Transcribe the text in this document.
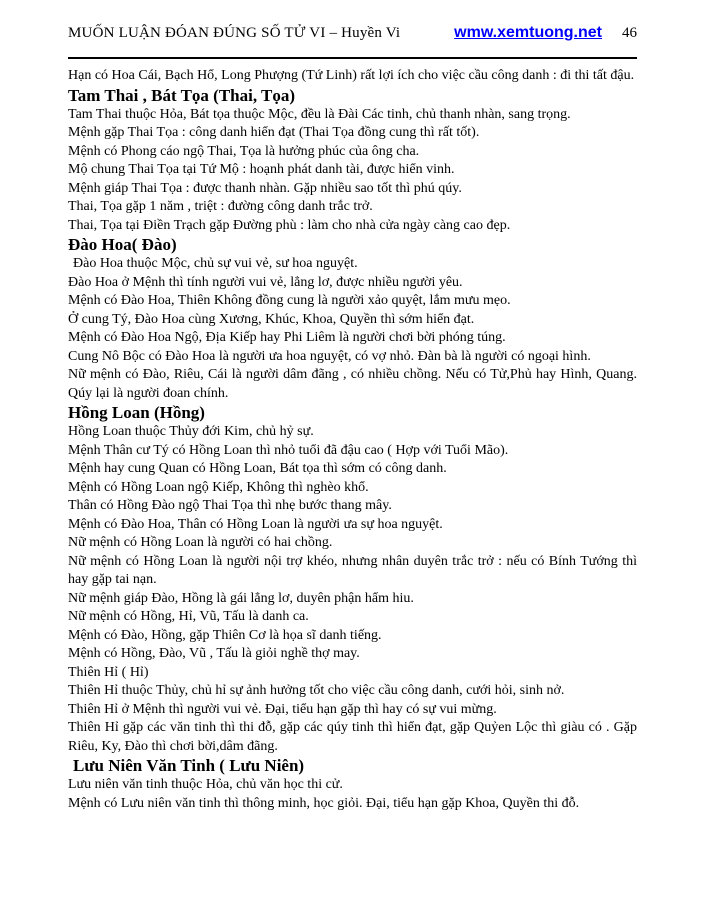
MUỐN LUẬN ĐÓAN ĐÚNG SỐ TỬ VI – Huyền Vi	wmw.xemtuong.net 46

Hạn có Hoa Cái, Bạch Hổ, Long Phượng (Tứ Linh) rất lợi ích cho việc cầu công danh : đi thi tất đậu.

Tam Thai , Bát Tọa (Thai, Tọa)

Tam Thai thuộc Hỏa, Bát tọa thuộc Mộc, đều là Đài Các tinh, chủ thanh nhàn, sang trọng.

Mệnh gặp Thai Tọa : công danh hiển đạt (Thai Tọa đồng cung thì rất tốt).

Mệnh có Phong cáo ngộ Thai, Tọa là hưởng phúc của ông cha.

Mộ chung Thai Tọa tại Tứ Mộ : hoạnh phát danh tài, được hiển vinh.

Mệnh giáp Thai Tọa : được thanh nhàn. Gặp nhiều sao tốt thì phú qúy.

Thai, Tọa gặp 1 năm , triệt : đường công danh trắc trở.

Thai, Tọa tại Điền Trạch gặp Đường phù : làm cho nhà cửa ngày càng cao đẹp.

Đào Hoa( Đào)

Đào Hoa thuộc Mộc, chủ sự vui vẻ, sư hoa nguyệt.

Đào Hoa ở Mệnh thì tính người vui vẻ, lẳng lơ, được nhiều người yêu.

Mệnh có Đào Hoa, Thiên Không đồng cung là người xảo quyệt, lắm mưu mẹo.

Ở cung Tý, Đào Hoa cùng Xương, Khúc, Khoa, Quyền thì sớm hiển đạt.

Mệnh có Đào Hoa Ngộ, Địa Kiếp hay Phi Liêm là người chơi bời phóng túng.

Cung Nô Bộc có Đào Hoa là người ưa hoa nguyệt, có vợ nhỏ. Đàn bà là người có ngoại hình.

Nữ mệnh có Đào, Riêu, Cái là người dâm đãng , có nhiều chồng. Nếu có Tử,Phủ hay Hình, Quang. Qúy lại là người đoan chính.

Hồng Loan (Hồng)

Hồng Loan thuộc Thủy đới Kim, chủ hỷ sự.

Mệnh Thân cư Tý có Hồng Loan thì nhỏ tuổi đã đậu cao ( Hợp với Tuổi Mão).

Mệnh hay cung Quan có Hồng Loan, Bát tọa thì sớm có công danh.

Mệnh có Hồng Loan ngộ Kiếp, Không thì nghèo khổ.

Thân có Hồng Đào ngộ Thai Tọa thì nhẹ bước thang mây.

Mệnh có Đào Hoa, Thân có Hồng Loan là người ưa sự hoa nguyệt.

Nữ mệnh có Hồng Loan là người có hai chồng.

Nữ mệnh có Hồng Loan là người nội trợ khéo, nhưng nhân duyên trắc trở : nếu có Bính Tướng thì hay gặp tai nạn.

Nữ mệnh giáp Đào, Hồng là gái lẳng lơ, duyên phận hẩm hiu.

Nữ mệnh có Hồng, Hỉ, Vũ, Tấu là danh ca.

Mệnh có Đào, Hồng, gặp Thiên Cơ là họa sĩ danh tiếng.

Mệnh có Hồng, Đào, Vũ , Tấu là giỏi nghề thợ may.

Thiên Hỉ ( Hỉ)

Thiên Hỉ thuộc Thủy, chủ hỉ sự ảnh hưởng tốt cho việc cầu công danh, cưới hỏi, sinh nở.

Thiên Hỉ ở Mệnh thì người vui vẻ. Đại, tiểu hạn gặp thì hay có sự vui mừng.

Thiên Hỉ gặp các văn tinh thì thi đỗ, gặp các qúy tinh thì hiển đạt, gặp Quỷen Lộc thì giàu có . Gặp Riêu, Ky, Đào thì chơi bời,dâm đãng.

Lưu Niên Văn Tinh ( Lưu Niên)

Lưu niên văn tinh thuộc Hỏa, chủ văn học thi cử.

Mệnh có Lưu niên văn tinh thì thông minh, học giỏi. Đại, tiểu hạn gặp Khoa, Quyền thi đỗ.
